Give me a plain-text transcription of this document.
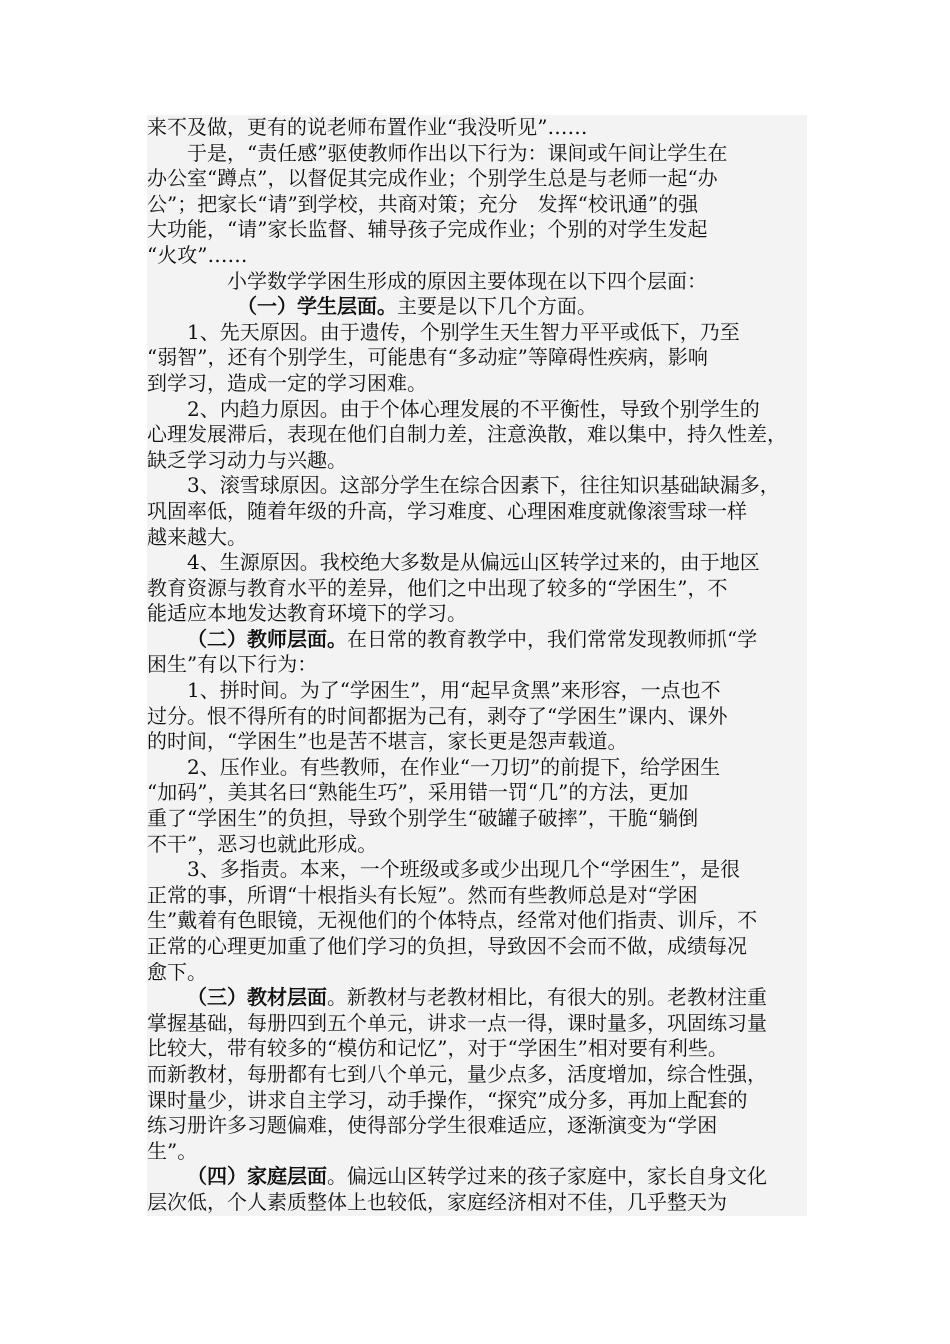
来不及做，更有的说老师布置作业“我没听见”……
于是，“责任感”驱使教师作出以下行为：课间或午间让学生在
办公室“蹲点”，以督促其完成作业；个别学生总是与老师一起“办
公”；把家长“请”到学校，共商对策；充分　发挥“校讯通”的强
大功能，“请”家长监督、辅导孩子完成作业；个别的对学生发起
“火攻”……
小学数学学困生形成的原因主要体现在以下四个层面：
（一）学生层面。主要是以下几个方面。
1、先天原因。由于遗传，个别学生天生智力平平或低下，乃至
“弱智”，还有个别学生，可能患有“多动症”等障碍性疾病，影响
到学习，造成一定的学习困难。
2、内趋力原因。由于个体心理发展的不平衡性，导致个别学生的
心理发展滞后，表现在他们自制力差，注意涣散，难以集中，持久性差，
缺乏学习动力与兴趣。
3、滚雪球原因。这部分学生在综合因素下，往往知识基础缺漏多，
巩固率低，随着年级的升高，学习难度、心理困难度就像滚雪球一样
越来越大。
4、生源原因。我校绝大多数是从偏远山区转学过来的，由于地区
教育资源与教育水平的差异，他们之中出现了较多的“学困生”，不
能适应本地发达教育环境下的学习。
（二）教师层面。在日常的教育教学中，我们常常发现教师抓“学
困生”有以下行为：
1、拼时间。为了“学困生”，用“起早贪黑”来形容，一点也不
过分。恨不得所有的时间都据为己有，剥夺了“学困生”课内、课外
的时间，“学困生”也是苦不堪言，家长更是怨声载道。
2、压作业。有些教师，在作业“一刀切”的前提下，给学困生
“加码”，美其名曰“熟能生巧”，采用错一罚“几”的方法，更加
重了“学困生”的负担，导致个别学生“破罐子破摔”，干脆“躺倒
不干”，恶习也就此形成。
3、多指责。本来，一个班级或多或少出现几个“学困生”，是很
正常的事，所谓“十根指头有长短”。然而有些教师总是对“学困
生”戴着有色眼镜，无视他们的个体特点，经常对他们指责、训斥，不
正常的心理更加重了他们学习的负担，导致因不会而不做，成绩每况
愈下。
（三）教材层面。新教材与老教材相比，有很大的别。老教材注重
掌握基础，每册四到五个单元，讲求一点一得，课时量多，巩固练习量
比较大，带有较多的“模仿和记忆”，对于“学困生”相对要有利些。
而新教材，每册都有七到八个单元，量少点多，活度增加，综合性强，
课时量少，讲求自主学习，动手操作，“探究”成分多，再加上配套的
练习册许多习题偏难，使得部分学生很难适应，逐渐演变为“学困
生”。
（四）家庭层面。偏远山区转学过来的孩子家庭中，家长自身文化
层次低，个人素质整体上也较低，家庭经济相对不佳，几乎整天为
